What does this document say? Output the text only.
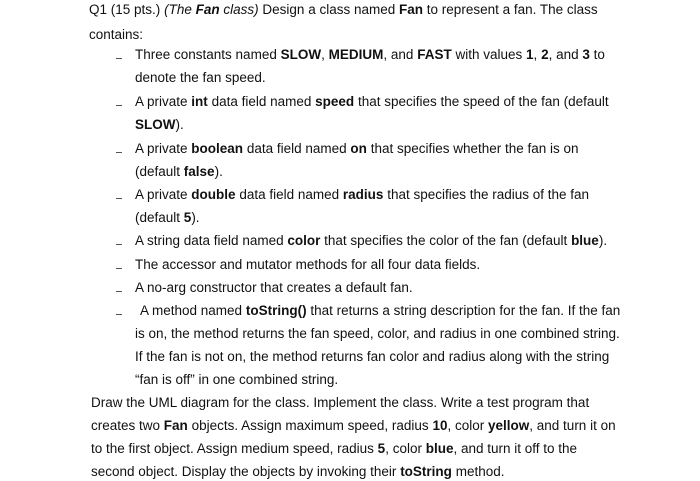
Q1 (15 pts.) (The Fan class) Design a class named Fan to represent a fan. The class

contains:

Three constants named SLOW, MEDIUM, and FAST with values 1, 2, and 3 to

denote the fan speed.

A private int data field named speed that specifies the speed of the fan (default

SLOW).

A private boolean data field named on that specifies whether the fan is on

(default false).

A private double data field named radius that specifies the radius of the fan

(default 5).

A string data field named color that specifies the color of the fan (default blue).

The accessor and mutator methods for all four data fields.

A no-arg constructor that creates a default fan.

A method named toString() that returns a string description for the fan. If the fan

is on, the method returns the fan speed, color, and radius in one combined string.

If the fan is not on, the method returns fan color and radius along with the string

“fan is off” in one combined string.

Draw the UML diagram for the class. Implement the class. Write a test program that

creates two Fan objects. Assign maximum speed, radius 10, color yellow, and turn it on

to the first object. Assign medium speed, radius 5, color blue, and turn it off to the

second object. Display the objects by invoking their toString method.
